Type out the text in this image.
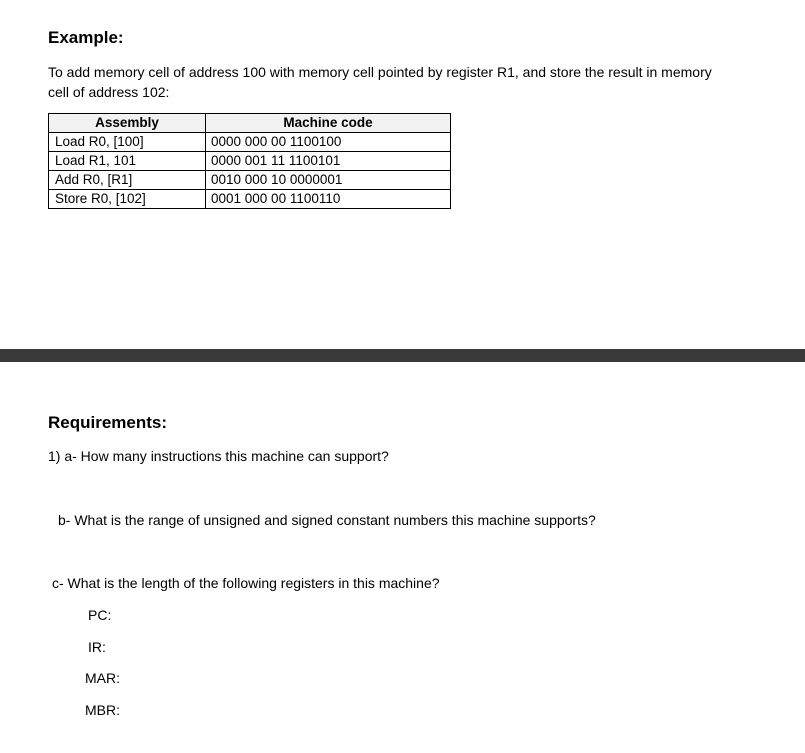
Example:
To add memory cell of address 100 with memory cell pointed by register R1, and store the result in memory
cell of address 102:
Assembly	Machine code
Load R0, [100]	0000 000 00 1100100
Load R1, 101	0000 001 11 1100101
Add R0, [R1]	0010 000 10 0000001
Store R0, [102]	0001 000 00 1100110
Requirements:
1) a- How many instructions this machine can support?
b- What is the range of unsigned and signed constant numbers this machine supports?
c- What is the length of the following registers in this machine?
PC:
IR:
MAR:
MBR:
